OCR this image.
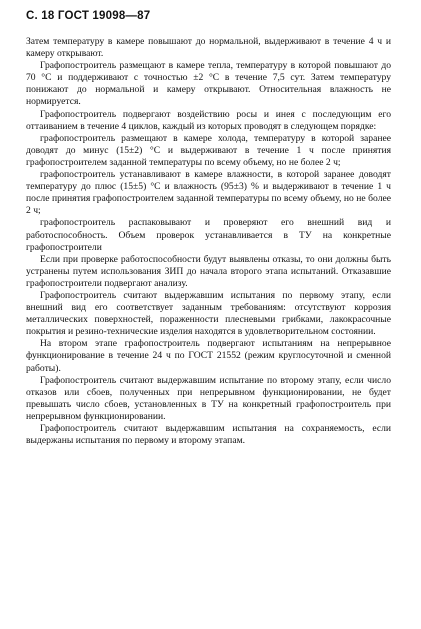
С. 18 ГОСТ 19098—87

Затем температуру в камере повышают до нормальной, выдерживают в течение 4 ч и камеру открывают.

Графопостроитель размещают в камере тепла, температуру в которой повышают до 70 °С и поддерживают с точностью ±2 °С в течение 7,5 сут. Затем температуру понижают до нормальной и камеру открывают. Относительная влажность не нормируется.

Графопостроитель подвергают воздействию росы и инея с последующим его оттаиванием в течение 4 циклов, каждый из которых проводят в следующем порядке:

графопостроитель размещают в камере холода, температуру в которой заранее доводят до минус (15±2) °С и выдерживают в течение 1 ч после принятия графопостроителем заданной температуры по всему объему, но не более 2 ч;

графопостроитель устанавливают в камере влажности, в которой заранее доводят температуру до плюс (15±5) °С и влажность (95±3) % и выдерживают в течение 1 ч после принятия графопостроителем заданной температуры по всему объему, но не более 2 ч;

графопостроитель распаковывают и проверяют его внешний вид и работоспособность. Объем проверок устанавливается в ТУ на конкретные графопостроители

Если при проверке работоспособности будут выявлены отказы, то они должны быть устранены путем использования ЗИП до начала второго этапа испытаний. Отказавшие графопостроители подвергают анализу.

Графопостроитель считают выдержавшим испытания по первому этапу, если внешний вид его соответствует заданным требованиям: отсутствуют коррозия металлических поверхностей, пораженности плесневыми грибками, лакокрасочные покрытия и резино-технические изделия находятся в удовлетворительном состоянии.

На втором этапе графопостроитель подвергают испытаниям на непрерывное функционирование в течение 24 ч по ГОСТ 21552 (режим круглосуточной и сменной работы).

Графопостроитель считают выдержавшим испытание по второму этапу, если число отказов или сбоев, полученных при непрерывном функционировании, не будет превышать число сбоев, установленных в ТУ на конкретный графопостроитель при непрерывном функционировании.

Графопостроитель считают выдержавшим испытания на сохраняемость, если выдержаны испытания по первому и второму этапам.
